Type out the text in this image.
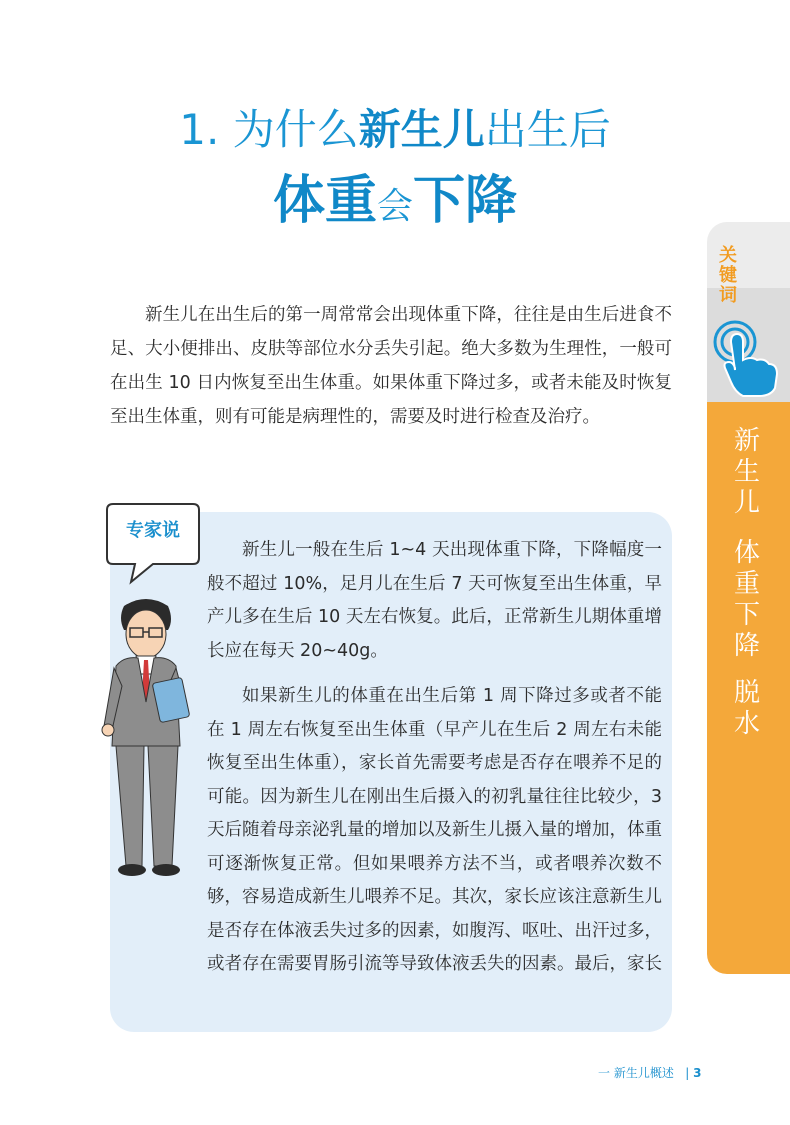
1. 为什么新生儿出生后
体重会下降

新生儿在出生后的第一周常常会出现体重下降，往往是由生后进食不足、大小便排出、皮肤等部位水分丢失引起。绝大多数为生理性，一般可在出生 10 日内恢复至出生体重。如果体重下降过多，或者未能及时恢复至出生体重，则有可能是病理性的，需要及时进行检查及治疗。

关键词
新生儿
体重下降
脱水
专家说

新生儿一般在生后 1~4 天出现体重下降，下降幅度一般不超过 10%，足月儿在生后 7 天可恢复至出生体重，早产儿多在生后 10 天左右恢复。此后，正常新生儿期体重增长应在每天 20~40g。

如果新生儿的体重在出生后第 1 周下降过多或者不能在 1 周左右恢复至出生体重（早产儿在生后 2 周左右未能恢复至出生体重），家长首先需要考虑是否存在喂养不足的可能。因为新生儿在刚出生后摄入的初乳量往往比较少，3 天后随着母亲泌乳量的增加以及新生儿摄入量的增加，体重可逐渐恢复正常。但如果喂养方法不当，或者喂养次数不够，容易造成新生儿喂养不足。其次，家长应该注意新生儿是否存在体液丢失过多的因素，如腹泻、呕吐、出汗过多，或者存在需要胃肠引流等导致体液丢失的因素。最后，家长

一 新生儿概述   | 3
